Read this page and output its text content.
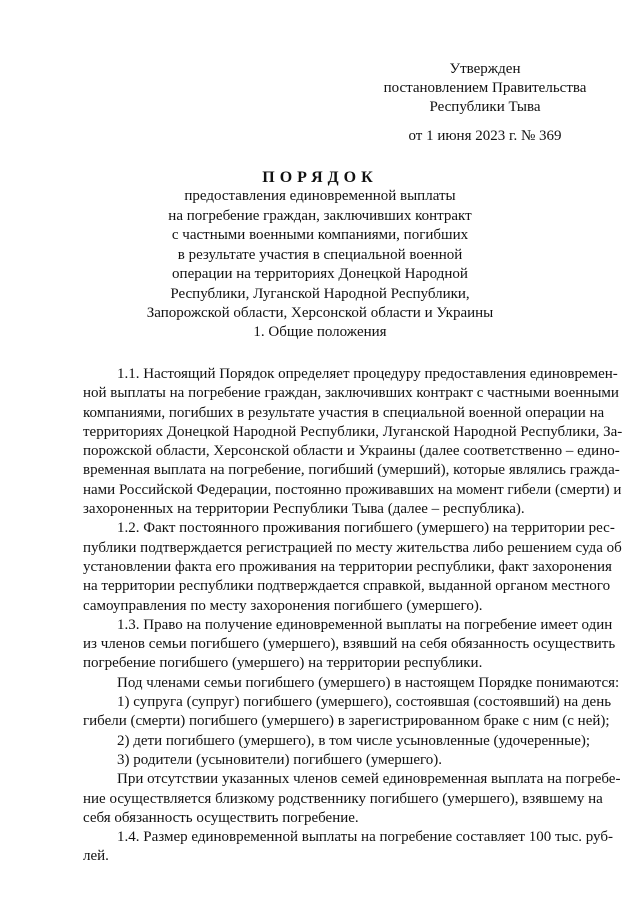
Утвержден
постановлением Правительства
Республики Тыва
от 1 июня 2023 г. № 369
ПОРЯДОК
предоставления единовременной выплаты
на погребение граждан, заключивших контракт
с частными военными компаниями, погибших
в результате участия в специальной военной
операции на территориях Донецкой Народной
Республики, Луганской Народной Республики,
Запорожской области, Херсонской области и Украины
1. Общие положения
1.1. Настоящий Порядок определяет процедуру предоставления единовремен-
ной выплаты на погребение граждан, заключивших контракт с частными военными
компаниями, погибших в результате участия в специальной военной операции на
территориях Донецкой Народной Республики, Луганской Народной Республики, За-
порожской области, Херсонской области и Украины (далее соответственно – едино-
временная выплата на погребение, погибший (умерший), которые являлись гражда-
нами Российской Федерации, постоянно проживавших на момент гибели (смерти) и
захороненных на территории Республики Тыва (далее – республика).
1.2. Факт постоянного проживания погибшего (умершего) на территории рес-
публики подтверждается регистрацией по месту жительства либо решением суда об
установлении факта его проживания на территории республики, факт захоронения
на территории республики подтверждается справкой, выданной органом местного
самоуправления по месту захоронения погибшего (умершего).
1.3. Право на получение единовременной выплаты на погребение имеет один
из членов семьи погибшего (умершего), взявший на себя обязанность осуществить
погребение погибшего (умершего) на территории республики.
Под членами семьи погибшего (умершего) в настоящем Порядке понимаются:
1) супруга (супруг) погибшего (умершего), состоявшая (состоявший) на день
гибели (смерти) погибшего (умершего) в зарегистрированном браке с ним (с ней);
2) дети погибшего (умершего), в том числе усыновленные (удочеренные);
3) родители (усыновители) погибшего (умершего).
При отсутствии указанных членов семей единовременная выплата на погребе-
ние осуществляется близкому родственнику погибшего (умершего), взявшему на
себя обязанность осуществить погребение.
1.4. Размер единовременной выплаты на погребение составляет 100 тыс. руб-
лей.
